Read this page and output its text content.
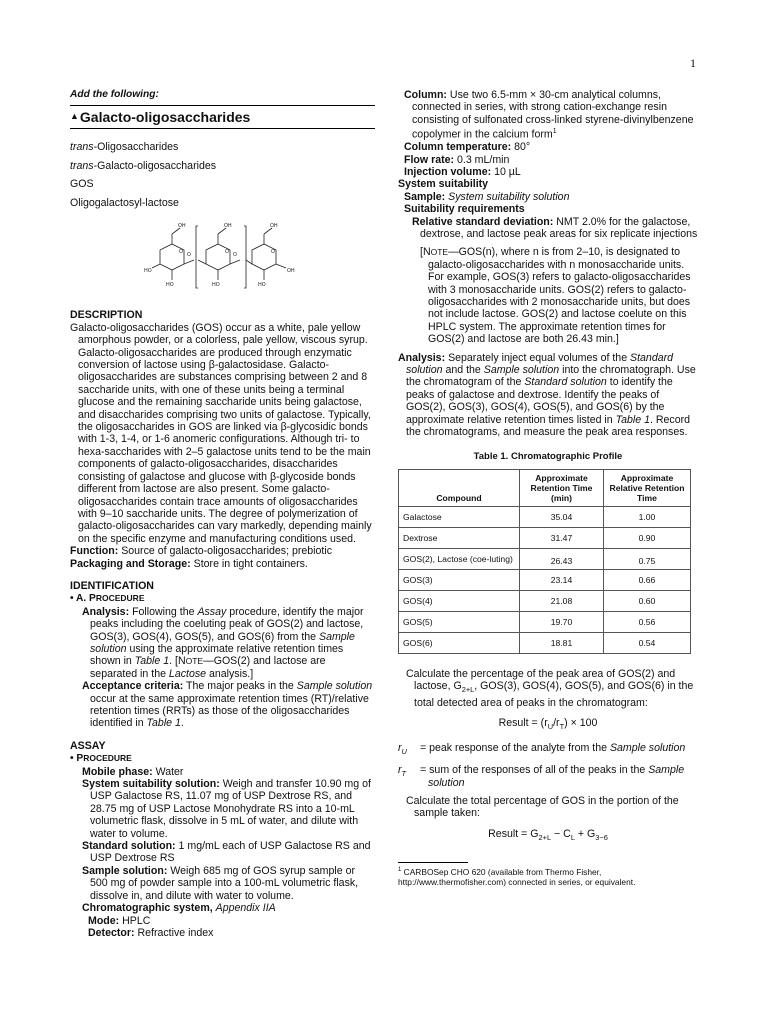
1
Add the following:
▲Galacto-oligosaccharides
trans-Oligosaccharides
trans-Galacto-oligosaccharides
GOS
Oligogalactosyl-lactose
OH	OH	OH
HO
HO	HO	HO
O	O
OH
O	O	O
DESCRIPTION

Galacto-oligosaccharides (GOS) occur as a white, pale yellow amorphous powder, or a colorless, pale yellow, viscous syrup. Galacto-oligosaccharides are produced through enzymatic conversion of lactose using β-galactosidase. Galacto-oligosaccharides are substances comprising between 2 and 8 saccharide units, with one of these units being a terminal glucose and the remaining saccharide units being galactose, and disaccharides comprising two units of galactose. Typically, the oligosaccharides in GOS are linked via β-glycosidic bonds with 1-3, 1-4, or 1-6 anomeric configurations. Although tri- to hexa-saccharides with 2–5 galactose units tend to be the main components of galacto-oligosaccharides, disaccharides consisting of galactose and glucose with β-glycoside bonds different from lactose are also present. Some galacto-oligosaccharides contain trace amounts of oligosaccharides with 9–10 saccharide units. The degree of polymerization of galacto-oligosaccharides can vary markedly, depending mainly on the specific enzyme and manufacturing conditions used.

Function: Source of galacto-oligosaccharides; prebiotic

Packaging and Storage: Store in tight containers.

IDENTIFICATION
• A. PROCEDURE

Analysis: Following the Assay procedure, identify the major peaks including the coeluting peak of GOS(2) and lactose, GOS(3), GOS(4), GOS(5), and GOS(6) from the Sample solution using the approximate relative retention times shown in Table 1. [NOTE—GOS(2) and lactose are separated in the Lactose analysis.]

Acceptance criteria: The major peaks in the Sample solution occur at the same approximate retention times (RT)/relative retention times (RRTs) as those of the oligosaccharides identified in Table 1.

ASSAY
• PROCEDURE

Mobile phase: Water

System suitability solution: Weigh and transfer 10.90 mg of USP Galactose RS, 11.07 mg of USP Dextrose RS, and 28.75 mg of USP Lactose Monohydrate RS into a 10-mL volumetric flask, dissolve in 5 mL of water, and dilute with water to volume.

Standard solution: 1 mg/mL each of USP Galactose RS and USP Dextrose RS

Sample solution: Weigh 685 mg of GOS syrup sample or 500 mg of powder sample into a 100-mL volumetric flask, dissolve in, and dilute with water to volume.

Chromatographic system, Appendix IIA

Mode: HPLC

Detector: Refractive index

Column: Use two 6.5-mm × 30-cm analytical columns, connected in series, with strong cation-exchange resin consisting of sulfonated cross-linked styrene-divinylbenzene copolymer in the calcium form$^1$

Column temperature: 80°

Flow rate: 0.3 mL/min

Injection volume: 10 µL

System suitability

Sample: System suitability solution

Suitability requirements

Relative standard deviation: NMT 2.0% for the galactose, dextrose, and lactose peak areas for six replicate injections

[NOTE—GOS(n), where n is from 2–10, is designated to galacto-oligosaccharides with n monosaccharide units. For example, GOS(3) refers to galacto-oligosaccharides with 3 monosaccharide units. GOS(2) refers to galacto-oligosaccharides with 2 monosaccharide units, but does not include lactose. GOS(2) and lactose coelute on this HPLC system. The approximate retention times for GOS(2) and lactose are both 26.43 min.]

Analysis: Separately inject equal volumes of the Standard solution and the Sample solution into the chromatograph. Use the chromatogram of the Standard solution to identify the peaks of galactose and dextrose. Identify the peaks of GOS(2), GOS(3), GOS(4), GOS(5), and GOS(6) by the approximate relative retention times listed in Table 1. Record the chromatograms, and measure the peak area responses.

Table 1. Chromatographic Profile
Compound	Approximate Retention Time (min)	Approximate Relative Retention Time
Galactose	35.04	1.00
Dextrose	31.47	0.90
GOS(2), Lactose (coe-luting)	26.43	0.75
GOS(3)	23.14	0.66
GOS(4)	21.08	0.60
GOS(5)	19.70	0.56
GOS(6)	18.81	0.54

Calculate the percentage of the peak area of GOS(2) and lactose, $G_{2+L}$, GOS(3), GOS(4), GOS(5), and GOS(6) in the total detected area of peaks in the chromatogram:

Result = $(r_U/r_T) \times 100$
$r_U$	= peak response of the analyte from the Sample solution
$r_T$	= sum of the responses of all of the peaks in the Sample solution

Calculate the total percentage of GOS in the portion of the sample taken:

Result = $G_{2+L} - C_L + G_{3-6}$
$^1$ CARBOSep CHO 620 (available from Thermo Fisher, http://www.thermofisher.com) connected in series, or equivalent.
